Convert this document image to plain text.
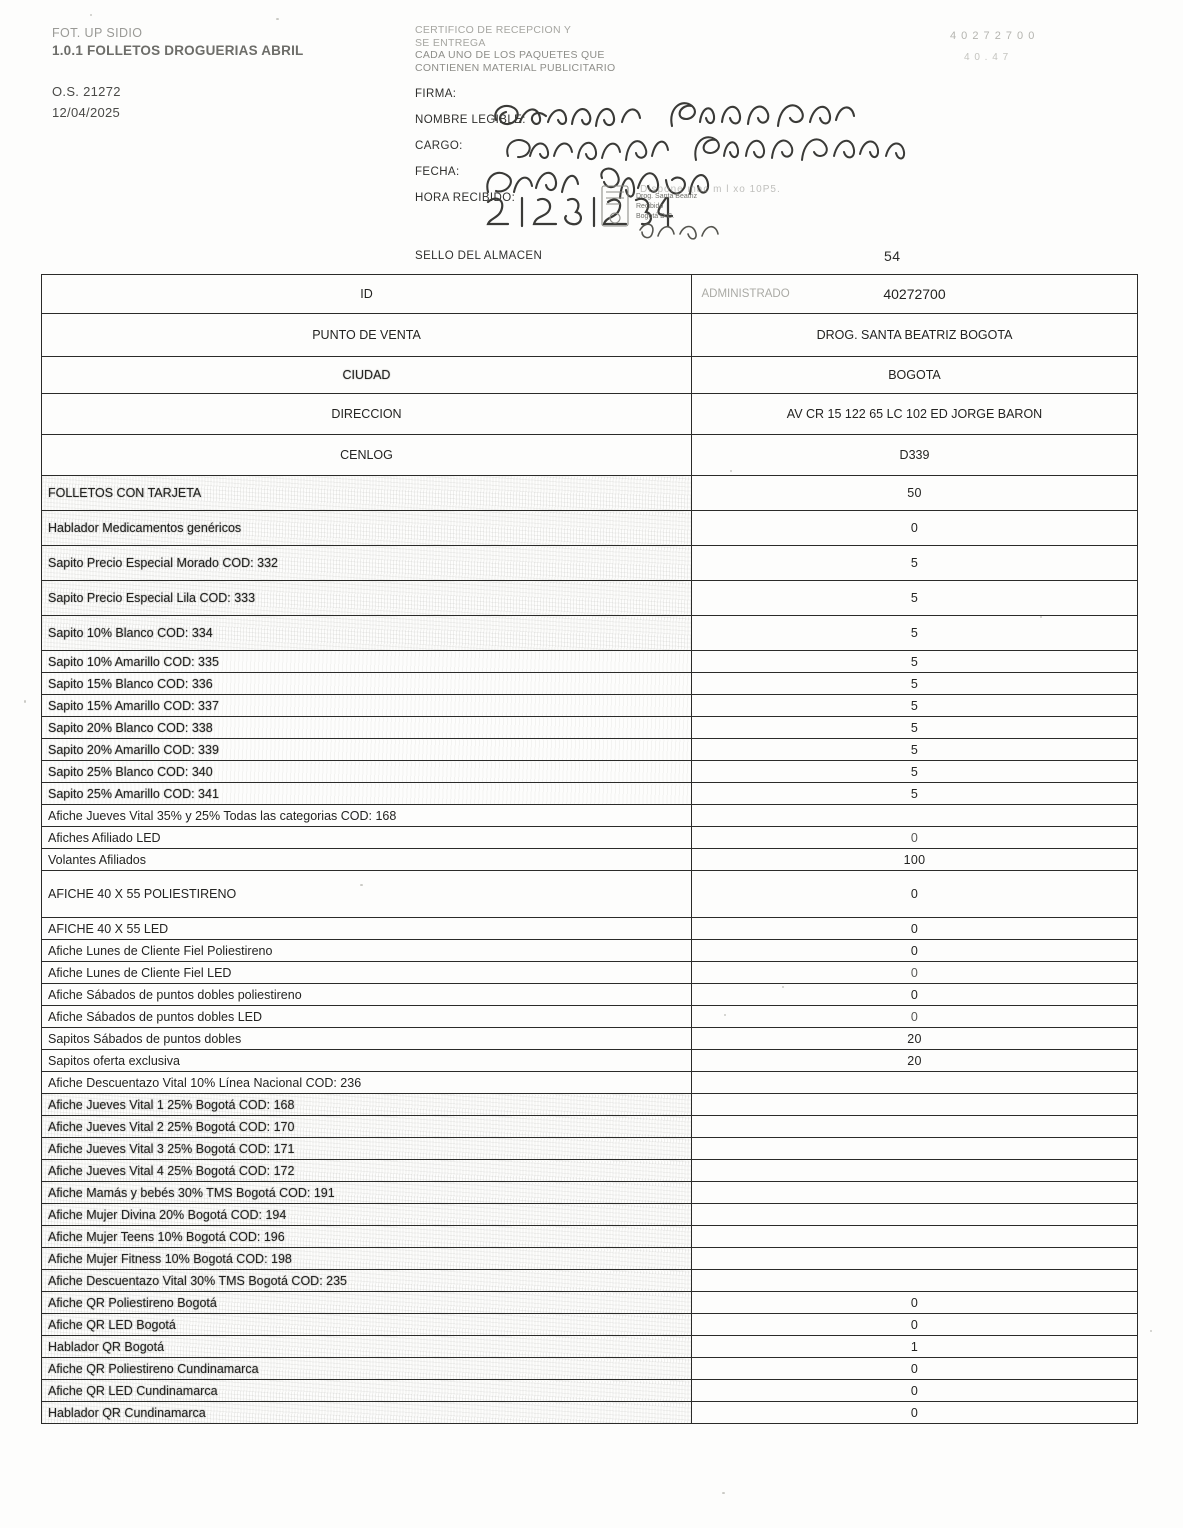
FOT. UP SIDIO
1.0.1 FOLLETOS DROGUERIAS ABRIL
O.S. 21272
12/04/2025
CERTIFICO DE RECEPCION Y
SE ENTREGA
CADA UNO DE LOS PAQUETES QUE
CONTIENEN MATERIAL PUBLICITARIO
FIRMA:
NOMBRE LEGIBLE:
CARGO:
FECHA:
HORA RECIBIDO:
4 0 2 7 2 7 0 0
4 0 . 4 7
Drog. Santa Beatriz
Recibido
Bogotá D.C.
Dispone mac m l xo 10P5.
SELLO DEL ALMACEN	54
ID	ADMINISTRADO 40272700
PUNTO DE VENTA	DROG. SANTA BEATRIZ BOGOTA
CIUDAD	BOGOTA
DIRECCION	AV CR 15 122 65 LC 102 ED JORGE BARON
CENLOG	D339
FOLLETOS CON TARJETA	50
Hablador Medicamentos genéricos	0
Sapito Precio Especial Morado COD: 332	5
Sapito Precio Especial Lila COD: 333	5
Sapito 10% Blanco COD: 334	5
Sapito 10% Amarillo COD: 335	5
Sapito 15% Blanco COD: 336	5
Sapito 15% Amarillo COD: 337	5
Sapito 20% Blanco COD: 338	5
Sapito 20% Amarillo COD: 339	5
Sapito 25% Blanco COD: 340	5
Sapito 25% Amarillo COD: 341	5
Afiche Jueves Vital 35% y 25% Todas las categorias COD: 168	
Afiches Afiliado LED	0
Volantes Afiliados	100
AFICHE 40 X 55 POLIESTIRENO	0
AFICHE 40 X 55 LED	0
Afiche Lunes de Cliente Fiel Poliestireno	0
Afiche Lunes de Cliente Fiel LED	0
Afiche Sábados de puntos dobles poliestireno	0
Afiche Sábados de puntos dobles LED	0
Sapitos Sábados de puntos dobles	20
Sapitos oferta exclusiva	20
Afiche Descuentazo Vital 10% Línea Nacional COD: 236	
Afiche Jueves Vital 1 25% Bogotá COD: 168	
Afiche Jueves Vital 2 25% Bogotá COD: 170	
Afiche Jueves Vital 3 25% Bogotá COD: 171	
Afiche Jueves Vital 4 25% Bogotá COD: 172	
Afiche Mamás y bebés 30% TMS Bogotá COD: 191	
Afiche Mujer Divina 20% Bogotá COD: 194	
Afiche Mujer Teens 10% Bogotá COD: 196	
Afiche Mujer Fitness 10% Bogotá COD: 198	
Afiche Descuentazo Vital 30% TMS Bogotá COD: 235	
Afiche QR Poliestireno Bogotá	0
Afiche QR LED Bogotá	0
Hablador QR Bogotá	1
Afiche QR Poliestireno Cundinamarca	0
Afiche QR LED Cundinamarca	0
Hablador QR Cundinamarca	0
